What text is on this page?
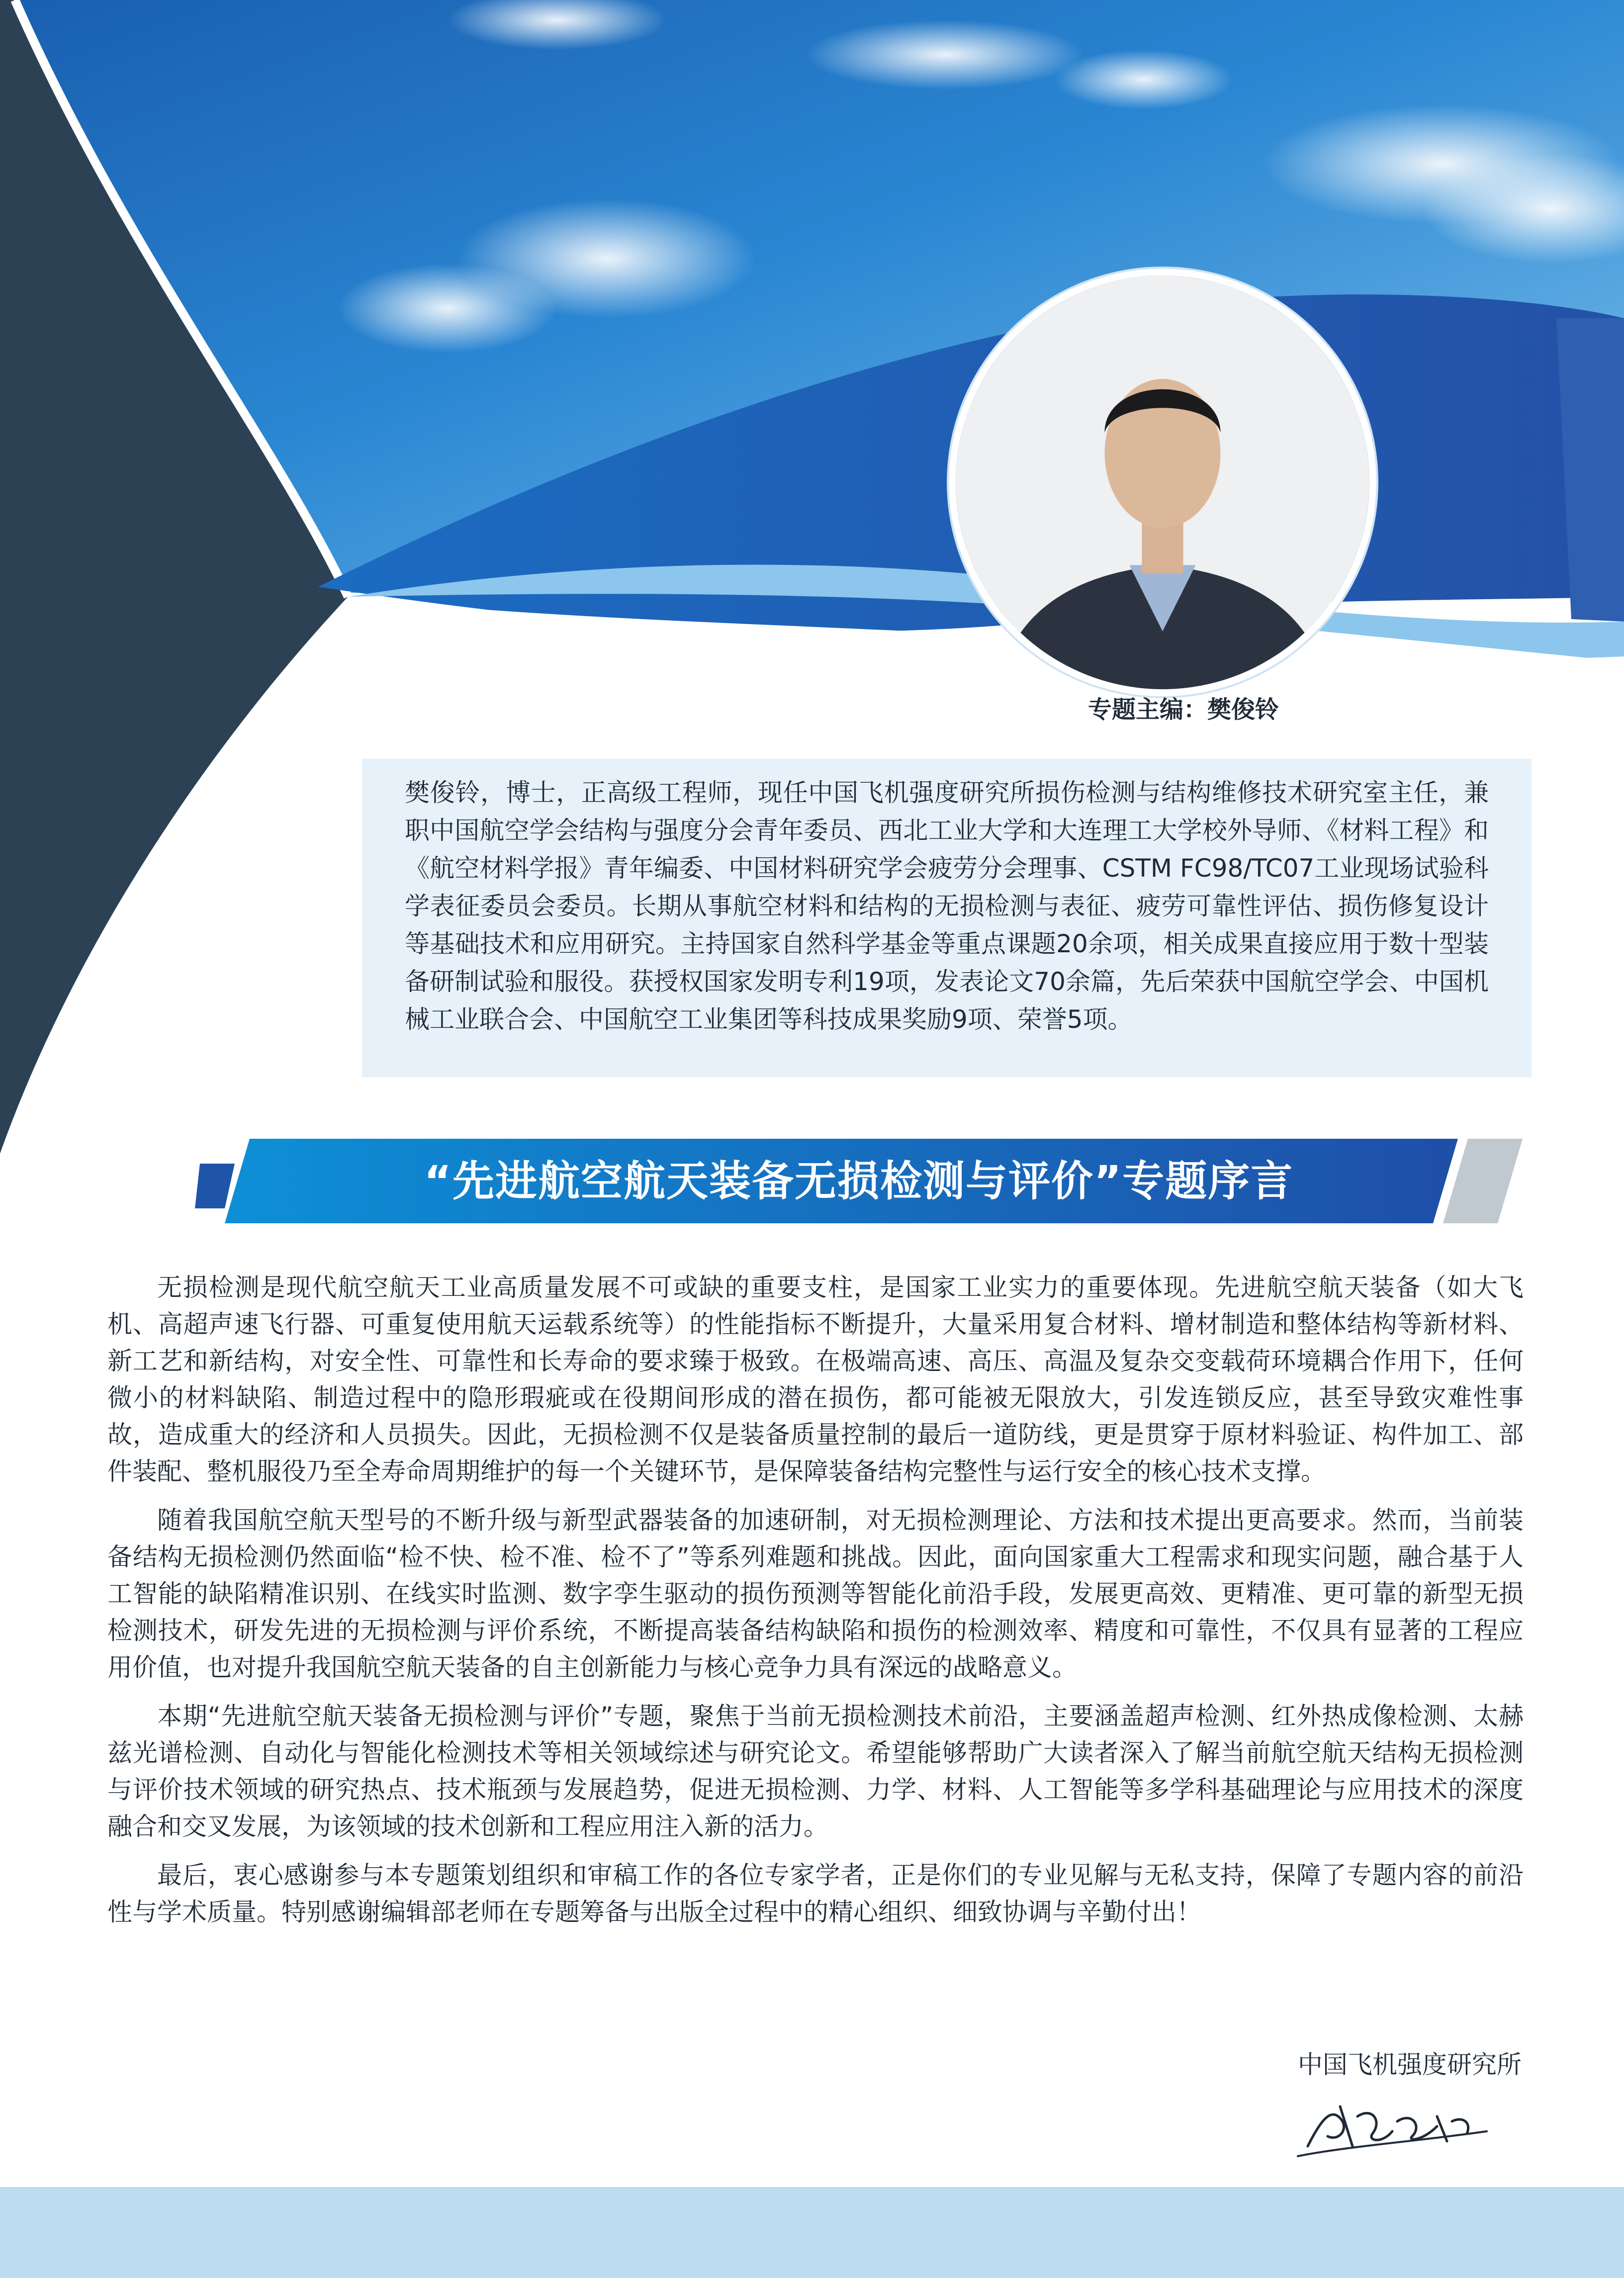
专题主编：樊俊铃

樊俊铃，博士，正高级工程师，现任中国飞机强度研究所损伤检测与结构维修技术研究室主任，兼职中国航空学会结构与强度分会青年委员、西北工业大学和大连理工大学校外导师、《材料工程》和《航空材料学报》青年编委、中国材料研究学会疲劳分会理事、CSTM FC98/TC07工业现场试验科学表征委员会委员。长期从事航空材料和结构的无损检测与表征、疲劳可靠性评估、损伤修复设计等基础技术和应用研究。主持国家自然科学基金等重点课题20余项，相关成果直接应用于数十型装备研制试验和服役。获授权国家发明专利19项，发表论文70余篇，先后荣获中国航空学会、中国机械工业联合会、中国航空工业集团等科技成果奖励9项、荣誉5项。

“先进航空航天装备无损检测与评价”专题序言

无损检测是现代航空航天工业高质量发展不可或缺的重要支柱，是国家工业实力的重要体现。先进航空航天装备（如大飞机、高超声速飞行器、可重复使用航天运载系统等）的性能指标不断提升，大量采用复合材料、增材制造和整体结构等新材料、新工艺和新结构，对安全性、可靠性和长寿命的要求臻于极致。在极端高速、高压、高温及复杂交变载荷环境耦合作用下，任何微小的材料缺陷、制造过程中的隐形瑕疵或在役期间形成的潜在损伤，都可能被无限放大，引发连锁反应，甚至导致灾难性事故，造成重大的经济和人员损失。因此，无损检测不仅是装备质量控制的最后一道防线，更是贯穿于原材料验证、构件加工、部件装配、整机服役乃至全寿命周期维护的每一个关键环节，是保障装备结构完整性与运行安全的核心技术支撑。

随着我国航空航天型号的不断升级与新型武器装备的加速研制，对无损检测理论、方法和技术提出更高要求。然而，当前装备结构无损检测仍然面临“检不快、检不准、检不了”等系列难题和挑战。因此，面向国家重大工程需求和现实问题，融合基于人工智能的缺陷精准识别、在线实时监测、数字孪生驱动的损伤预测等智能化前沿手段，发展更高效、更精准、更可靠的新型无损检测技术，研发先进的无损检测与评价系统，不断提高装备结构缺陷和损伤的检测效率、精度和可靠性，不仅具有显著的工程应用价值，也对提升我国航空航天装备的自主创新能力与核心竞争力具有深远的战略意义。

本期“先进航空航天装备无损检测与评价”专题，聚焦于当前无损检测技术前沿，主要涵盖超声检测、红外热成像检测、太赫兹光谱检测、自动化与智能化检测技术等相关领域综述与研究论文。希望能够帮助广大读者深入了解当前航空航天结构无损检测与评价技术领域的研究热点、技术瓶颈与发展趋势，促进无损检测、力学、材料、人工智能等多学科基础理论与应用技术的深度融合和交叉发展，为该领域的技术创新和工程应用注入新的活力。

最后，衷心感谢参与本专题策划组织和审稿工作的各位专家学者，正是你们的专业见解与无私支持，保障了专题内容的前沿性与学术质量。特别感谢编辑部老师在专题筹备与出版全过程中的精心组织、细致协调与辛勤付出！

中国飞机强度研究所
